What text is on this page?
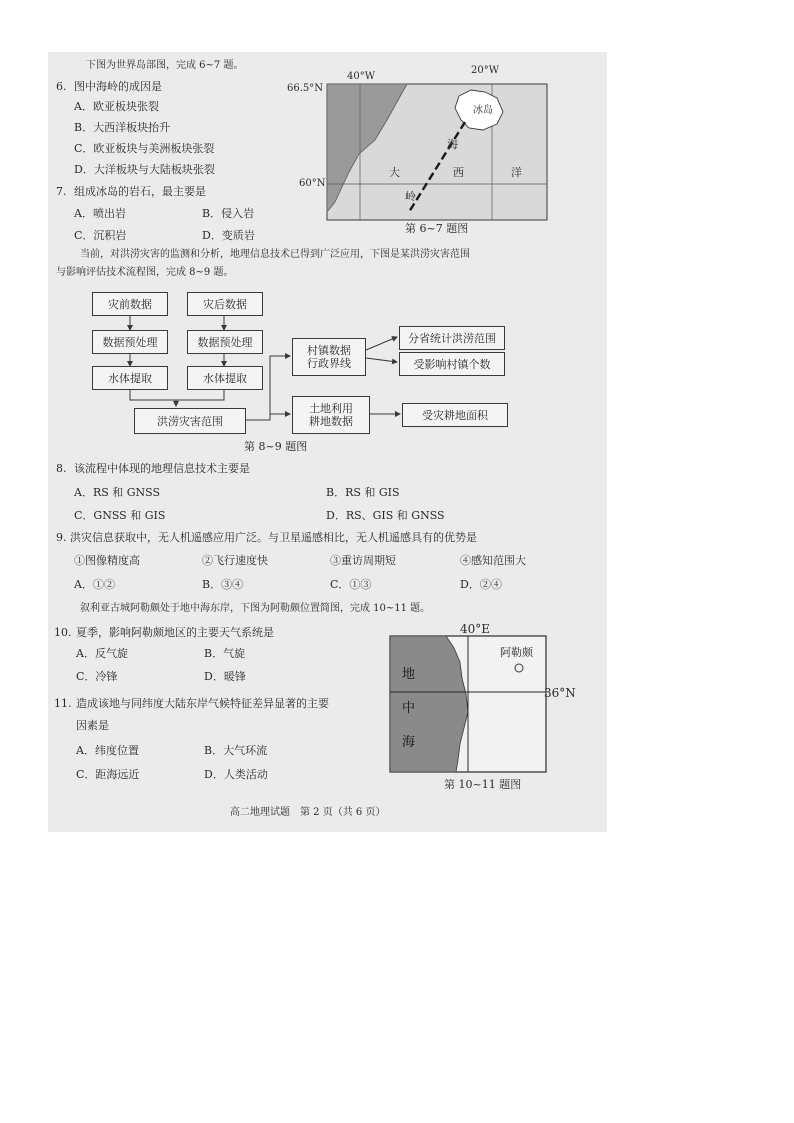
下图为世界岛部图，完成 6~7 题。
6. 图中海岭的成因是
A．欧亚板块张裂
B．大西洋板块抬升
C．欧亚板块与美洲板块张裂
D．大洋板块与大陆板块张裂
7. 组成冰岛的岩石，最主要是
A．喷出岩	B．侵入岩
C．沉积岩	D．变质岩
66.5°N
60°N
40°W
20°W
冰岛
海
岭
大	西	洋
第 6~7 题图
当前，对洪涝灾害的监测和分析，地理信息技术已得到广泛应用，下图是某洪涝灾害范围
与影响评估技术流程图，完成 8~9 题。
灾前数据	灾后数据
数据预处理	数据预处理
水体提取	水体提取
洪涝灾害范围
村镇数据
行政界线
土地利用
耕地数据
分省统计洪涝范围
受影响村镇个数
受灾耕地面积
第 8~9 题图
8. 该流程中体现的地理信息技术主要是
A．RS 和 GNSS	B．RS 和 GIS
C．GNSS 和 GIS	D．RS、GIS 和 GNSS
9. 洪灾信息获取中，无人机遥感应用广泛。与卫星遥感相比，无人机遥感具有的优势是
①图像精度高	②飞行速度快	③重访周期短	④感知范围大
A．①②	B．③④	C．①③	D．②④
叙利亚古城阿勒颇处于地中海东岸，下图为阿勒颇位置简图，完成 10~11 题。
10. 夏季，影响阿勒颇地区的主要天气系统是
A．反气旋	B．气旋
C．冷锋	D．暖锋
11. 造成该地与同纬度大陆东岸气候特征差异显著的主要
因素是
A．纬度位置	B．大气环流
C．距海远近	D．人类活动
40°E
36°N
阿勒颇
地
中
海
第 10~11 题图
高二地理试题　第 2 页（共 6 页）
